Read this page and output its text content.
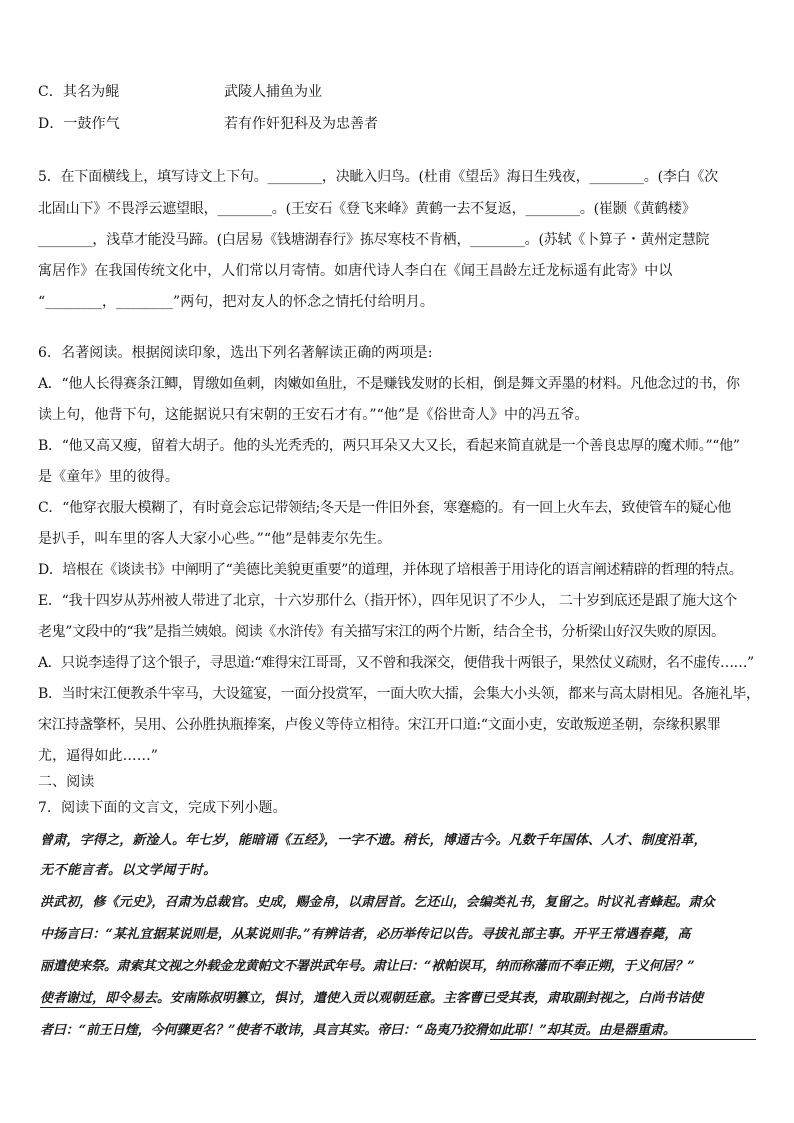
C．其名为鲲	武陵人捕鱼为业
D．一鼓作气	若有作奸犯科及为忠善者
5．在下面横线上，填写诗文上下句。________，决眦入归鸟。(杜甫《望岳》海日生残夜，________。(李白《次
北固山下》不畏浮云遮望眼，________。(王安石《登飞来峰》黄鹤一去不复返，________。(崔颢《黄鹤楼》
________，浅草才能没马蹄。(白居易《钱塘湖春行》拣尽寒枝不肯栖，________。(苏轼《卜算子・黄州定慧院
寓居作》在我国传统文化中，人们常以月寄情。如唐代诗人李白在《闻王昌龄左迁龙标遥有此寄》中以
“________，________”两句，把对友人的怀念之情托付给明月。
6．名著阅读。根据阅读印象，选出下列名著解读正确的两项是:
A．“他人长得赛条江鲫，胃缴如鱼刺，肉嫩如鱼肚，不是赚钱发财的长相，倒是舞文弄墨的材料。凡他念过的书，你
读上句，他背下句，这能据说只有宋朝的王安石才有。”“他”是《俗世奇人》中的冯五爷。
B．“他又高又瘦，留着大胡子。他的头光秃秃的，两只耳朵又大又长，看起来简直就是一个善良忠厚的魔术师。”“他”
是《童年》里的彼得。
C．“他穿衣服大模糊了，有时竟会忘记带领结;冬天是一件旧外套，寒蹇瘾的。有一回上火车去，致使管车的疑心他
是扒手，叫车里的客人大家小心些。”“他”是韩麦尔先生。
D．培根在《谈读书》中阐明了“美德比美貌更重要”的道理，并体现了培根善于用诗化的语言阐述精辟的哲理的特点。
E．“我十四岁从苏州被人带进了北京，十六岁那什么（指开怀），四年见识了不少人， 二十岁到底还是跟了施大这个
老鬼”文段中的“我”是指兰姨娘。阅读《水浒传》有关描写宋江的两个片断，结合全书，分析梁山好汉失败的原因。
A．只说李逵得了这个银子，寻思道:“难得宋江哥哥，又不曾和我深交，便借我十两银子，果然仗义疏财，名不虚传……”
B．当时宋江便教杀牛宰马，大设筵宴，一面分投赏军，一面大吹大擂，会集大小头领，都来与高太尉相见。各施礼毕，
宋江持盏擎杯，吴用、公孙胜执瓶捧案，卢俊义等侍立相待。宋江开口道:“文面小吏，安敢叛逆圣朝，奈缘积累罪
尤，逼得如此……”
二、阅读
7．阅读下面的文言文，完成下列小题。
曾肃，字得之，新淦人。年七岁，能暗诵《五经》，一字不遗。稍长，博通古今。凡数千年国体、人才、制度沿革，
无不能言者。以文学闻于时。
洪武初，修《元史》，召肃为总裁官。史成，赐金帛，以肃居首。乞还山，会编类礼书，复留之。时议礼者蜂起。肃众
中扬言曰：“某礼宜据某说则是，从某说则非。”有辨诘者，必历举传记以告。寻拔礼部主事。开平王常遇春薨，高
丽遣使来祭。肃索其文视之外载金龙黄帕文不署洪武年号。肃让曰：“袱帕误耳，纳而称藩而不奉正朔，于义何居？”
使者谢过，即令易去。安南陈叔明篡立，惧讨，遣使入贡以观朝廷意。主客曹已受其表，肃取副封视之，白尚书诘使
者曰：“前王日煃，今何骤更名？”使者不敢讳，具言其实。帝曰：“岛夷乃狡猾如此耶！”却其贡。由是器重肃。
